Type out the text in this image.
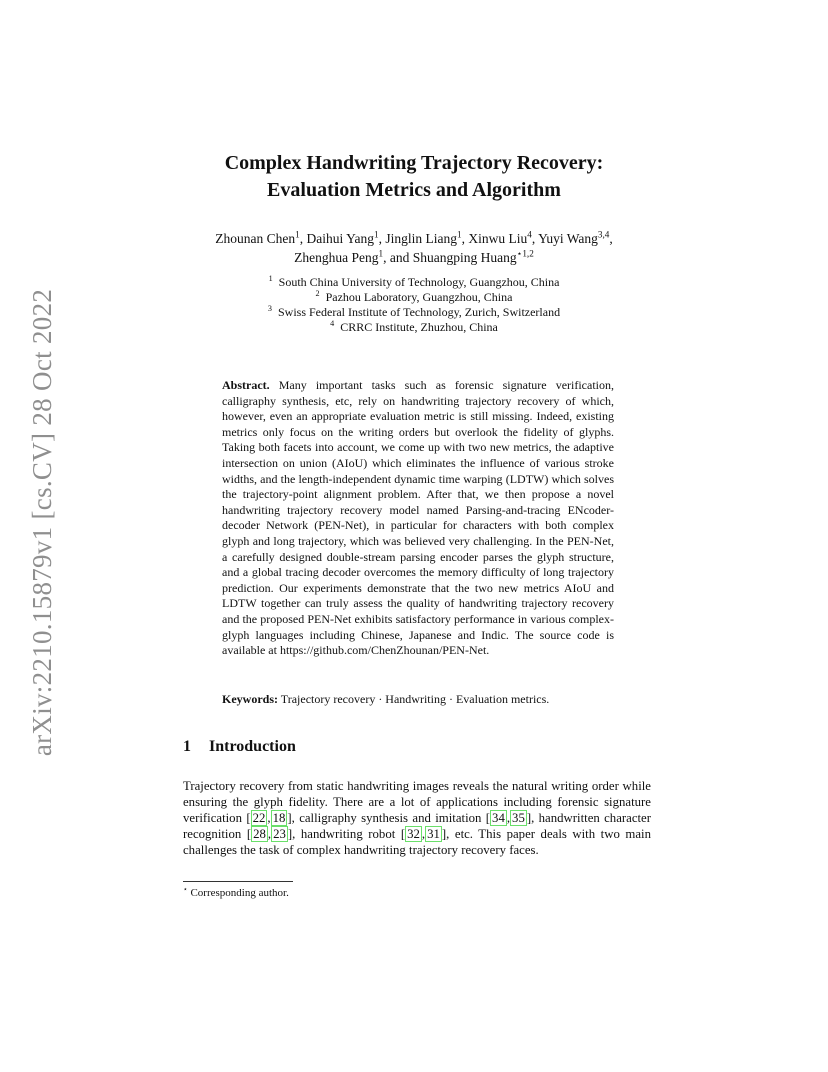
arXiv:2210.15879v1 [cs.CV] 28 Oct 2022
Complex Handwriting Trajectory Recovery:
Evaluation Metrics and Algorithm
Zhounan Chen$^1$, Daihui Yang$^1$, Jinglin Liang$^1$, Xinwu Liu$^4$, Yuyi Wang$^{3,4}$,
Zhenghua Peng$^1$, and Shuangping Huang$^{⋆1,2}$
$^1$ South China University of Technology, Guangzhou, China
$^2$ Pazhou Laboratory, Guangzhou, China
$^3$ Swiss Federal Institute of Technology, Zurich, Switzerland
$^4$ CRRC Institute, Zhuzhou, China
Abstract. Many important tasks such as forensic signature verification, calligraphy synthesis, etc, rely on handwriting trajectory recovery of which, however, even an appropriate evaluation metric is still missing. Indeed, existing metrics only focus on the writing orders but overlook the fidelity of glyphs. Taking both facets into account, we come up with two new metrics, the adaptive intersection on union (AIoU) which eliminates the influence of various stroke widths, and the length-independent dynamic time warping (LDTW) which solves the trajectory-point alignment problem. After that, we then propose a novel handwriting trajectory recovery model named Parsing-and-tracing ENcoder-decoder Network (PEN-Net), in particular for characters with both complex glyph and long trajectory, which was believed very challenging. In the PEN-Net, a carefully designed double-stream parsing encoder parses the glyph structure, and a global tracing decoder overcomes the memory difficulty of long trajectory prediction. Our experiments demonstrate that the two new metrics AIoU and LDTW together can truly assess the quality of handwriting trajectory recovery and the proposed PEN-Net exhibits satisfactory performance in various complex-glyph languages including Chinese, Japanese and Indic. The source code is available at https://github.com/ChenZhounan/PEN-Net.
Keywords: Trajectory recovery · Handwriting · Evaluation metrics.
1 Introduction
Trajectory recovery from static handwriting images reveals the natural writing order while ensuring the glyph fidelity. There are a lot of applications including forensic signature verification [ 22 , 18 ], calligraphy synthesis and imitation [ 34 , 35 ], handwritten character recognition [ 28 , 23 ], handwriting robot [ 32 , 31 ], etc. This paper deals with two main challenges the task of complex handwriting trajectory recovery faces.
⋆ Corresponding author.
